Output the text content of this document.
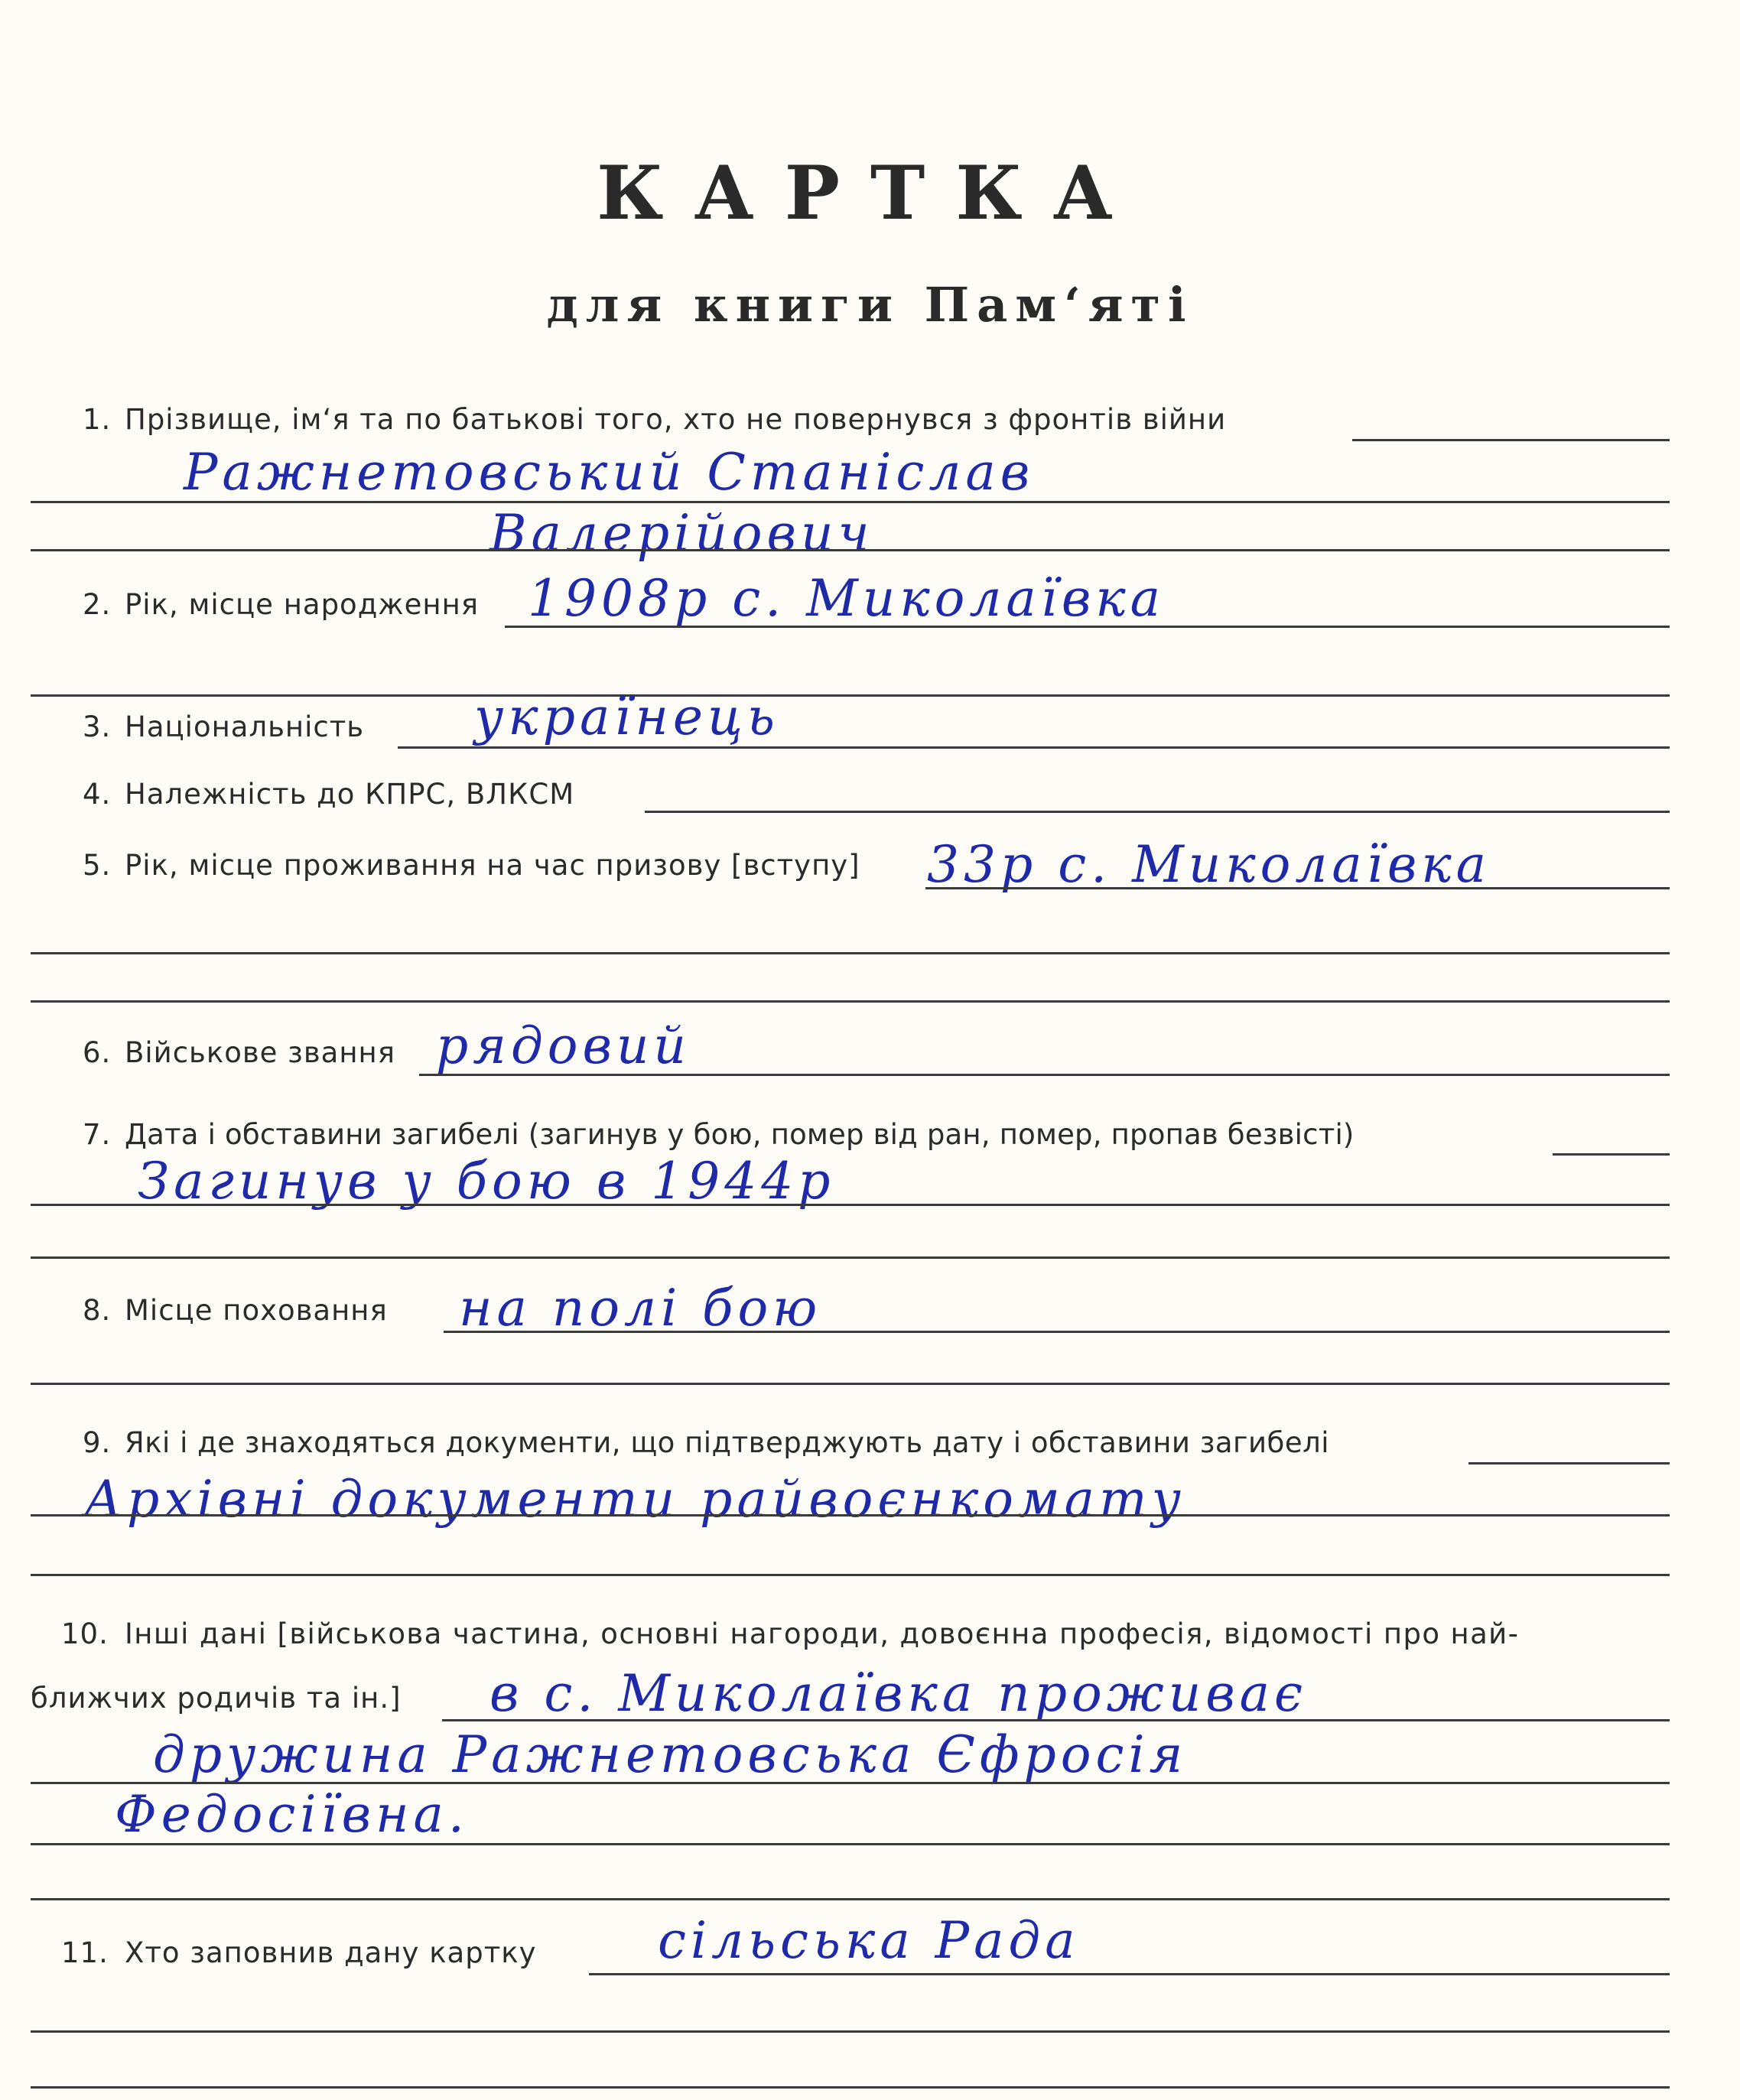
КАРТКА
для книги Пам‘яті
1. Прізвище, ім‘я та по батькові того, хто не повернувся з фронтів війни
Ражнетовський Станіслав
Валерійович
2. Рік, місце народження 1908р с. Миколаївка
3. Національність українець
4. Належність до КПРС, ВЛКСМ
5. Рік, місце проживання на час призову [вступу] 33р с. Миколаївка
6. Військове звання рядовий
7. Дата і обставини загибелі (загинув у бою, помер від ран, помер, пропав безвісті)
Загинув у бою в 1944р
8. Місце поховання на полі бою
9. Які і де знаходяться документи, що підтверджують дату і обставини загибелі
Архівні документи райвоєнкомату
10. Інші дані [військова частина, основні нагороди, довоєнна професія, відомості про най-
ближчих родичів та ін.] в с. Миколаївка проживає
дружина Ражнетовська Єфросія
Федосіївна.
11. Хто заповнив дану картку сільська Рада
